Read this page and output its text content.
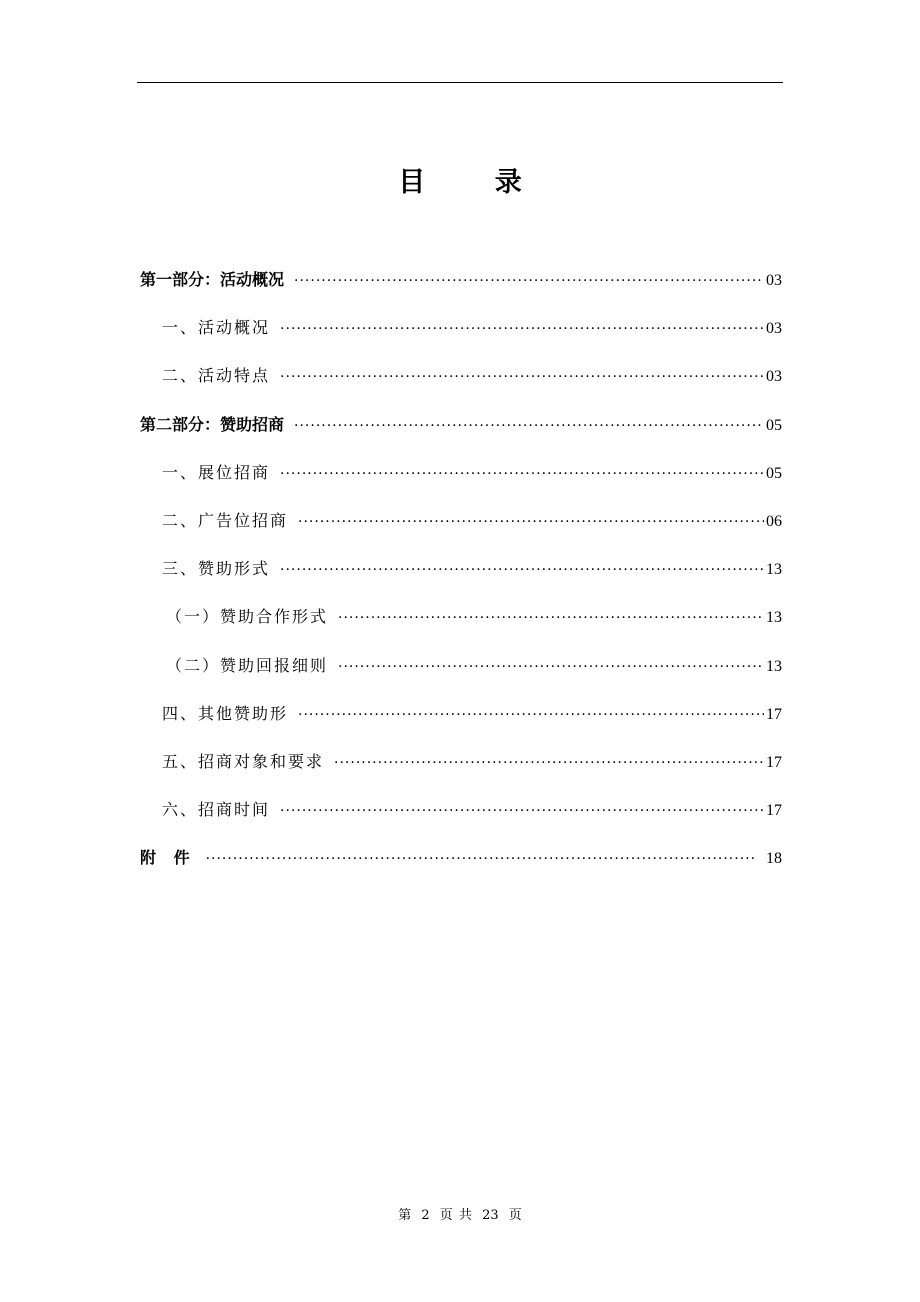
目 录
第一部分：活动概况 ·····	03
一、活动概况 ·····	03
二、活动特点 ·····	03
第二部分：赞助招商 ·····	05
一、展位招商 ·····	05
二、广告位招商 ·····	06
三、赞助形式 ·····	13
（一）赞助合作形式 ·····	13
（二）赞助回报细则 ·····	13
四、其他赞助形 ·····	17
五、招商对象和要求 ·····	17
六、招商时间 ·····	17
附 件 ·····	18
第 2 页 共 23 页
